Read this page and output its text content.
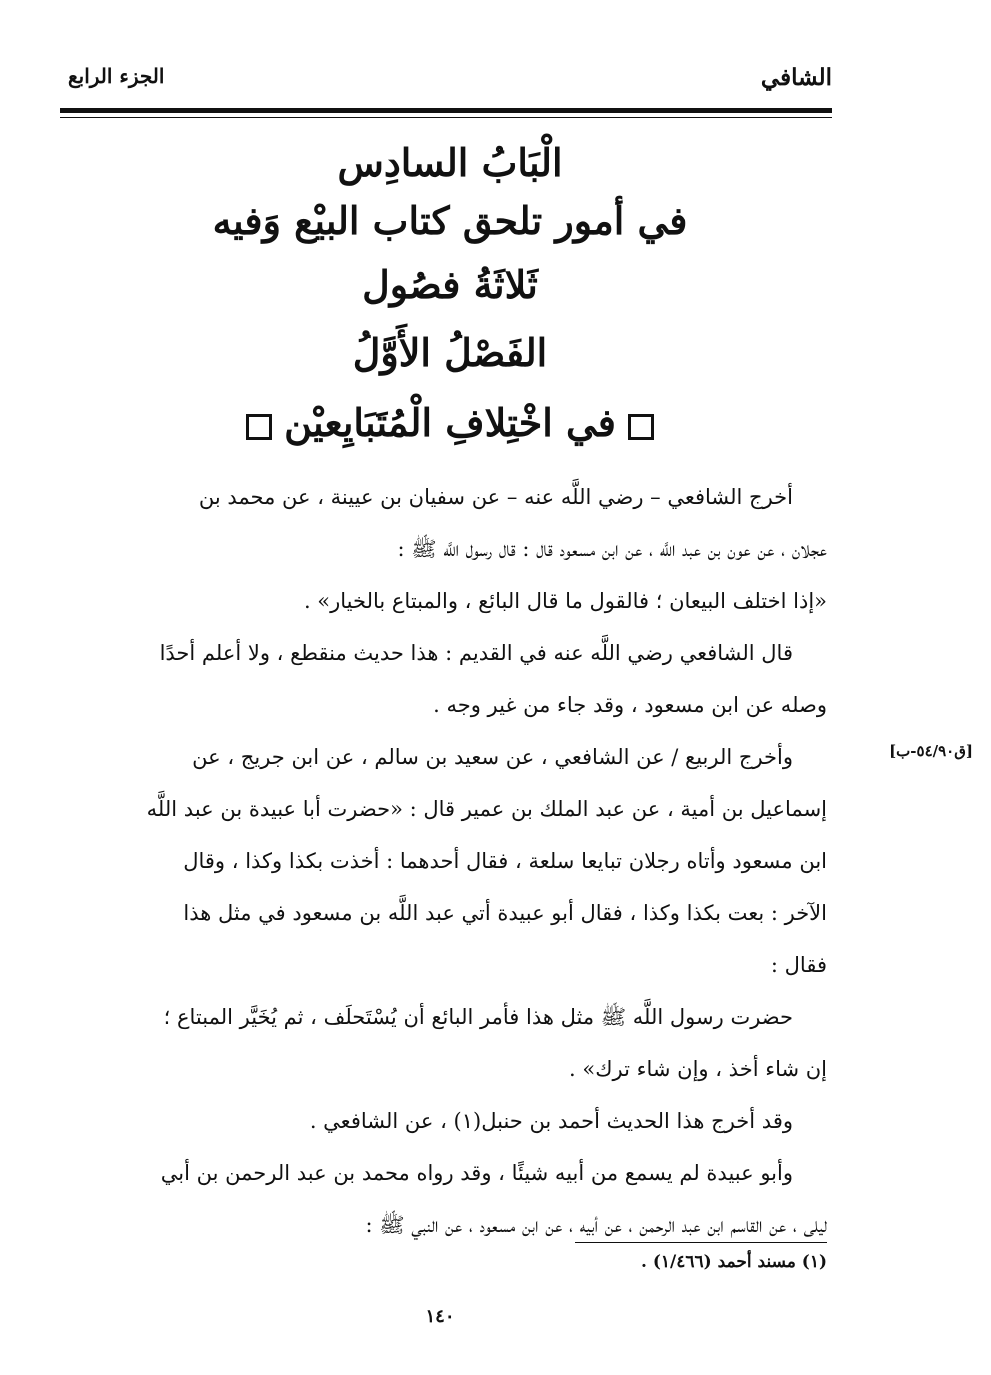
الشافي
الجزء الرابع
الْبَابُ السادِس
في أمور تلحق كتاب البيْع وَفيه
ثَلاثَةُ فصُول
الفَصْلُ الأَوَّلُ
في اخْتِلافِ الْمُتَبَايِعيْن
أخرج الشافعي – رضي اللَّه عنه – عن سفيان بن عيينة ، عن محمد بن
عجلان ، عن عون بن عبد اللَّه ، عن ابن مسعود قال : قال رسول اللَّه ﷺ :
«إذا اختلف البيعان ؛ فالقول ما قال البائع ، والمبتاع بالخيار» .
قال الشافعي رضي اللَّه عنه في القديم : هذا حديث منقطع ، ولا أعلم أحدًا
وصله عن ابن مسعود ، وقد جاء من غير وجه .
وأخرج الربيع / عن الشافعي ، عن سعيد بن سالم ، عن ابن جريج ، عن
إسماعيل بن أمية ، عن عبد الملك بن عمير قال : «حضرت أبا عبيدة بن عبد اللَّه
ابن مسعود وأتاه رجلان تبايعا سلعة ، فقال أحدهما : أخذت بكذا وكذا ، وقال
الآخر : بعت بكذا وكذا ، فقال أبو عبيدة أتي عبد اللَّه بن مسعود في مثل هذا
فقال :
حضرت رسول اللَّه ﷺ مثل هذا فأمر البائع أن يُسْتَحلَف ، ثم يُخَيَّر المبتاع ؛
إن شاء أخذ ، وإن شاء ترك» .
وقد أخرج هذا الحديث أحمد بن حنبل(١) ، عن الشافعي .
وأبو عبيدة لم يسمع من أبيه شيئًا ، وقد رواه محمد بن عبد الرحمن بن أبي
ليلى ، عن القاسم ابن عبد الرحمن ، عن أبيه ، عن ابن مسعود ، عن النبي ﷺ :
[ق٥٤/٩٠-ب]
(١) مسند أحمد (١/٤٦٦) .
١٤٠
